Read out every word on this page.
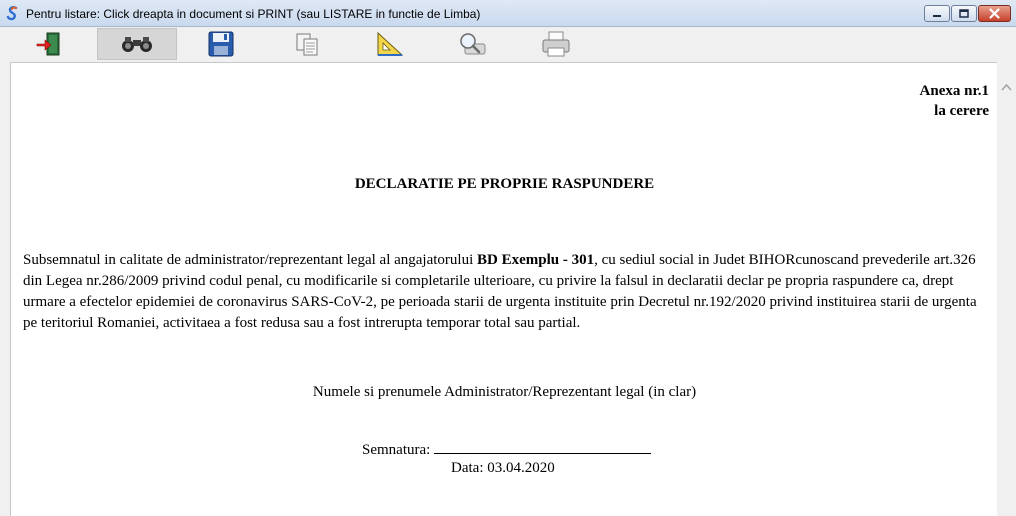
Pentru listare: Click dreapta in document si PRINT (sau LISTARE in functie de Limba)
Anexa nr.1
la cerere
DECLARATIE PE PROPRIE RASPUNDERE
Subsemnatul in calitate de administrator/reprezentant legal al angajatorului BD Exemplu - 301, cu sediul social in Judet BIHORcunoscand prevederile art.326 din Legea nr.286/2009 privind codul penal, cu modificarile si completarile ulterioare, cu privire la falsul in declaratii declar pe propria raspundere ca, drept urmare a efectelor epidemiei de coronavirus SARS-CoV-2, pe perioada starii de urgenta instituite prin Decretul nr.192/2020 privind instituirea starii de urgenta pe teritoriul Romaniei, activitaea a fost redusa sau a fost intrerupta temporar total sau partial.
Numele si prenumele Administrator/Reprezentant legal (in clar)
Semnatura:
Data: 03.04.2020
